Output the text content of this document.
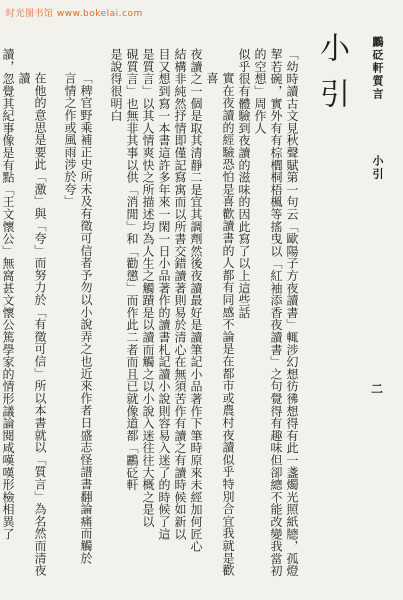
时光图书馆 www.bokelai.com
鸝砭軒質言
小引
二
小引
「幼時讀古文見秋聲賦第一句云「歐陽子方夜讀書」輒涉幻想彷彿想得有此一盞燭光照紙牕，孤燈挈若碗，實外有有棕櫚桐梧楓等搖曳以「紅袖添香夜讀書」之句覺得有趣味但卻總不能改變我當初的空想」周作人
似乎很有體驗到夜讀的滋味的因此寫了以上這些話
實在夜讀的經驗恐怕是喜歡讀書的人都有同感不論是在都市或農村夜讀似乎特別合宜我就是歡喜
夜讀之一個是取其清靜二是宜其調劑然後夜讀最好是讀筆記小品著作下筆時原來未經加何匠心
結構非純然抒情即僅記寫寓而以所書交錯讀著則易於清心在無須苦作有讀之有讀時候如新以
目又想到寫一本書這許多年來一閑一日小品著作的讀書札記讀小說則容易入迷了的時候了這
是質言」以其人情爽快之所描述均為人生之觸蹟是以讀而觸之以小說入迷往往大概之是以
硯質言」也無非其事以供「消閒」和「勸懲」而作此二者而且已就像道都「鸝砭軒
是說得很明白
「稗官野乘補正史所未及有徵可信者予勿以小說弄之也近來作者日盛志怪譜書翻論痛而觸於
言情之作或風雨涉於夸」
在他的意思是要此「激」與「夸」而努力於「有徵可信」所以本書就以「質言」為名然而清夜讀
讀，忽覺其紀事像是有點「王文懷公」無窩甚文懷公篤學家的情形議論閱咸嘆嘆形檢相異了
